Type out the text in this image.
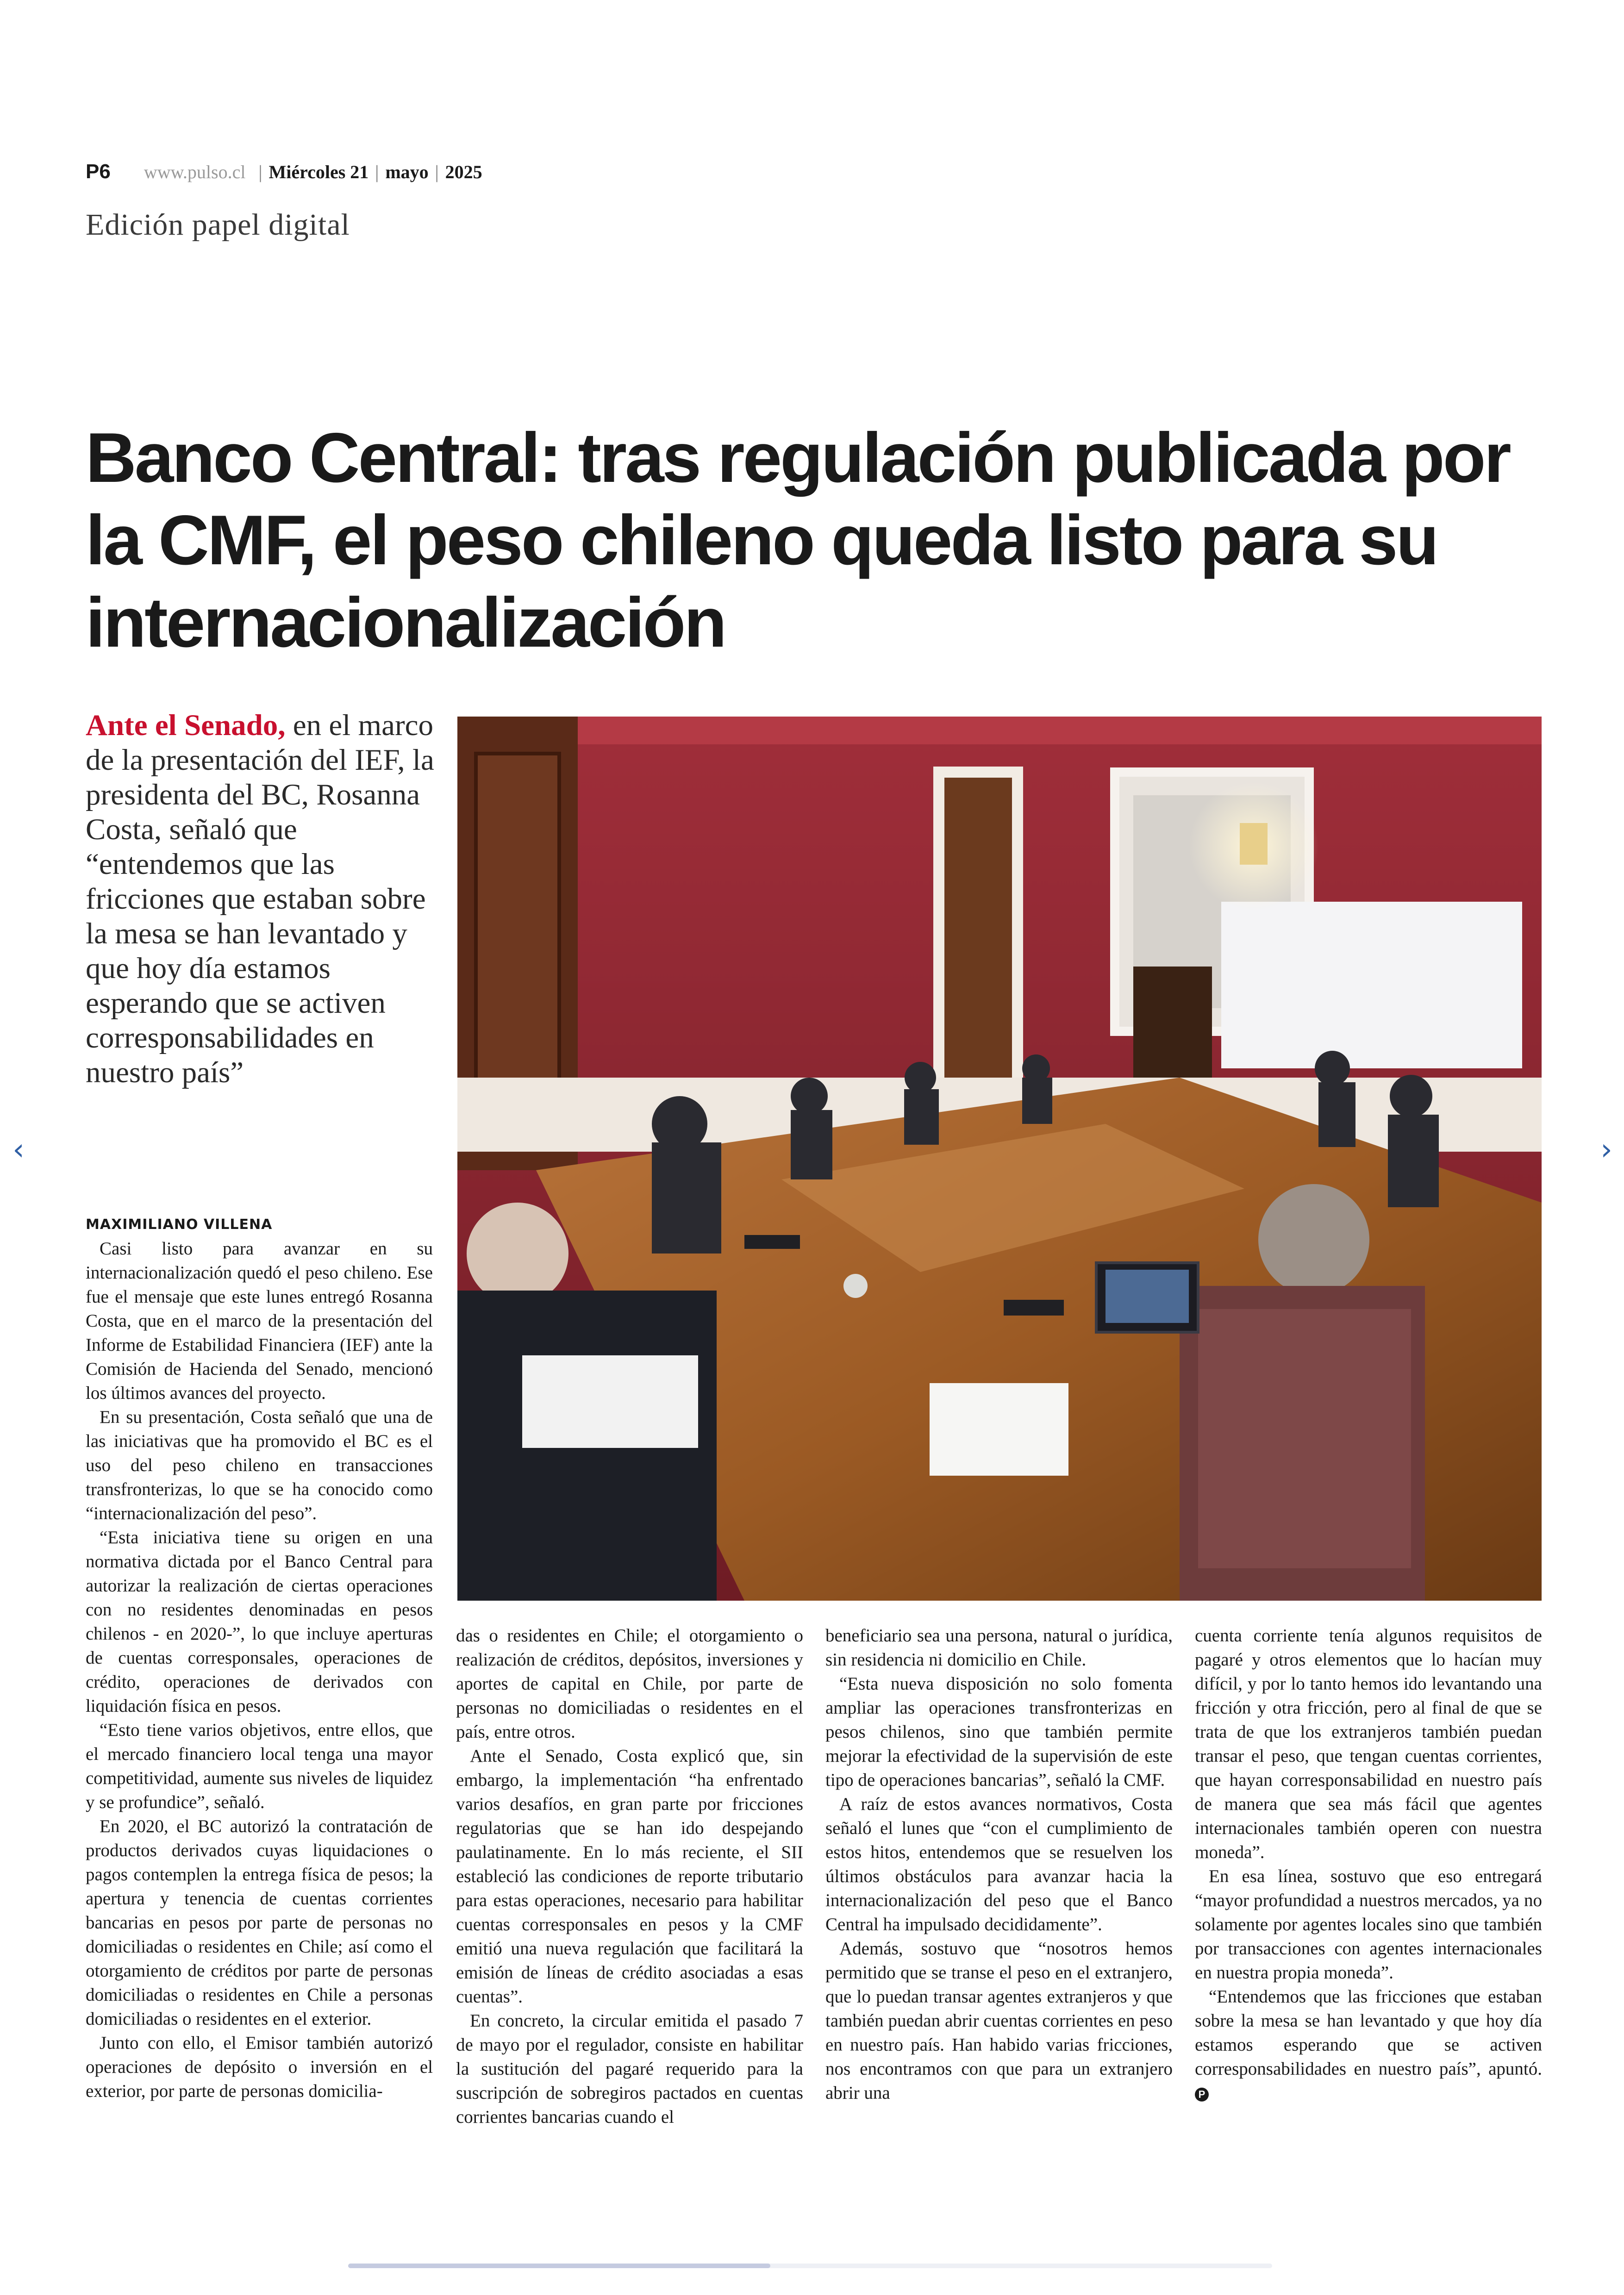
P6 www.pulso.cl | Miércoles 21 | mayo | 2025
Edición papel digital
Banco Central: tras regulación publicada por la CMF, el peso chileno queda listo para su internacionalización

Ante el Senado, en el marco de la presentación del IEF, la presidenta del BC, Rosanna Costa, señaló que “entendemos que las fricciones que estaban sobre la mesa se han levantado y que hoy día estamos esperando que se activen corresponsabilidades en nuestro país”

‹	›
MAXIMILIANO VILLENA

Casi listo para avanzar en su internacionalización quedó el peso chileno. Ese fue el mensaje que este lunes entregó Rosanna Costa, que en el marco de la presentación del Informe de Estabilidad Financiera (IEF) ante la Comisión de Hacienda del Senado, mencionó los últimos avances del proyecto.

En su presentación, Costa señaló que una de las iniciativas que ha promovido el BC es el uso del peso chileno en transacciones transfronterizas, lo que se ha conocido como “internacionalización del peso”.

“Esta iniciativa tiene su origen en una normativa dictada por el Banco Central para autorizar la realización de ciertas operaciones con no residentes denominadas en pesos chilenos - en 2020-”, lo que incluye aperturas de cuentas corresponsales, operaciones de crédito, operaciones de derivados con liquidación física en pesos.

“Esto tiene varios objetivos, entre ellos, que el mercado financiero local tenga una mayor competitividad, aumente sus niveles de liquidez y se profundice”, señaló.

En 2020, el BC autorizó la contratación de productos derivados cuyas liquidaciones o pagos contemplen la entrega física de pesos; la apertura y tenencia de cuentas corrientes bancarias en pesos por parte de personas no domiciliadas o residentes en Chile; así como el otorgamiento de créditos por parte de personas domiciliadas o residentes en Chile a personas domiciliadas o residentes en el exterior.

Junto con ello, el Emisor también autorizó operaciones de depósito o inversión en el exterior, por parte de personas domicilia-

das o residentes en Chile; el otorgamiento o realización de créditos, depósitos, inversiones y aportes de capital en Chile, por parte de personas no domiciliadas o residentes en el país, entre otros.

Ante el Senado, Costa explicó que, sin embargo, la implementación “ha enfrentado varios desafíos, en gran parte por fricciones regulatorias que se han ido despejando paulatinamente. En lo más reciente, el SII estableció las condiciones de reporte tributario para estas operaciones, necesario para habilitar cuentas corresponsales en pesos y la CMF emitió una nueva regulación que facilitará la emisión de líneas de crédito asociadas a esas cuentas”.

En concreto, la circular emitida el pasado 7 de mayo por el regulador, consiste en habilitar la sustitución del pagaré requerido para la suscripción de sobregiros pactados en cuentas corrientes bancarias cuando el

beneficiario sea una persona, natural o jurídica, sin residencia ni domicilio en Chile.

“Esta nueva disposición no solo fomenta ampliar las operaciones transfronterizas en pesos chilenos, sino que también permite mejorar la efectividad de la supervisión de este tipo de operaciones bancarias”, señaló la CMF.

A raíz de estos avances normativos, Costa señaló el lunes que “con el cumplimiento de estos hitos, entendemos que se resuelven los últimos obstáculos para avanzar hacia la internacionalización del peso que el Banco Central ha impulsado decididamente”.

Además, sostuvo que “nosotros hemos permitido que se transe el peso en el extranjero, que lo puedan transar agentes extranjeros y que también puedan abrir cuentas corrientes en peso en nuestro país. Han habido varias fricciones, nos encontramos con que para un extranjero abrir una

cuenta corriente tenía algunos requisitos de pagaré y otros elementos que lo hacían muy difícil, y por lo tanto hemos ido levantando una fricción y otra fricción, pero al final de que se trata de que los extranjeros también puedan transar el peso, que tengan cuentas corrientes, que hayan corresponsabilidad en nuestro país de manera que sea más fácil que agentes internacionales también operen con nuestra moneda”.

En esa línea, sostuvo que eso entregará “mayor profundidad a nuestros mercados, ya no solamente por agentes locales sino que también por transacciones con agentes internacionales en nuestra propia moneda”.

“Entendemos que las fricciones que estaban sobre la mesa se han levantado y que hoy día estamos esperando que se activen corresponsabilidades en nuestro país”, apuntó. P
